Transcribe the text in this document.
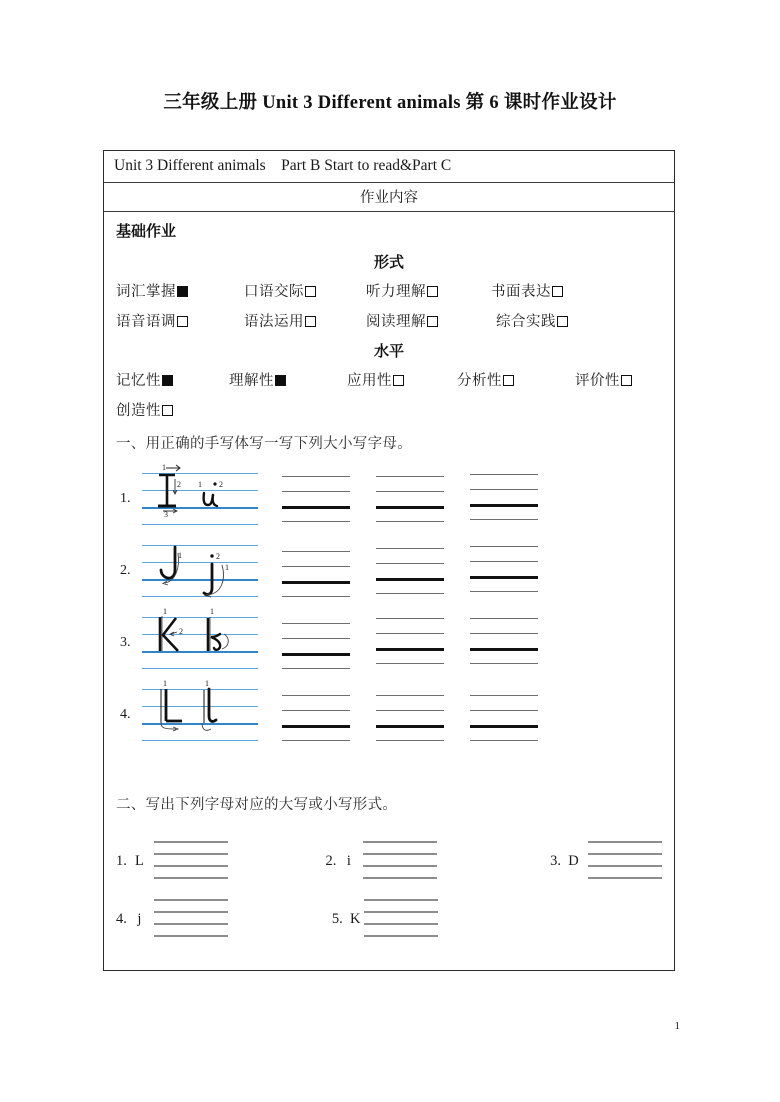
三年级上册 Unit 3 Different animals 第 6 课时作业设计
Unit 3 Different animals    Part B Start to read&Part C
作业内容
基础作业
形式
词汇掌握	口语交际	听力理解	书面表达
语音语调	语法运用	阅读理解	综合实践
水平
记忆性	理解性	应用性	分析性	评价性
创造性
一、用正确的手写体写一写下列大小写字母。
1.
1
2
3
1 2
2.
1	2
1
3.
1
2
1
4.
1	1
二、写出下列字母对应的大写或小写形式。
1. L	2. i	3. D
4. j	5. K
1
